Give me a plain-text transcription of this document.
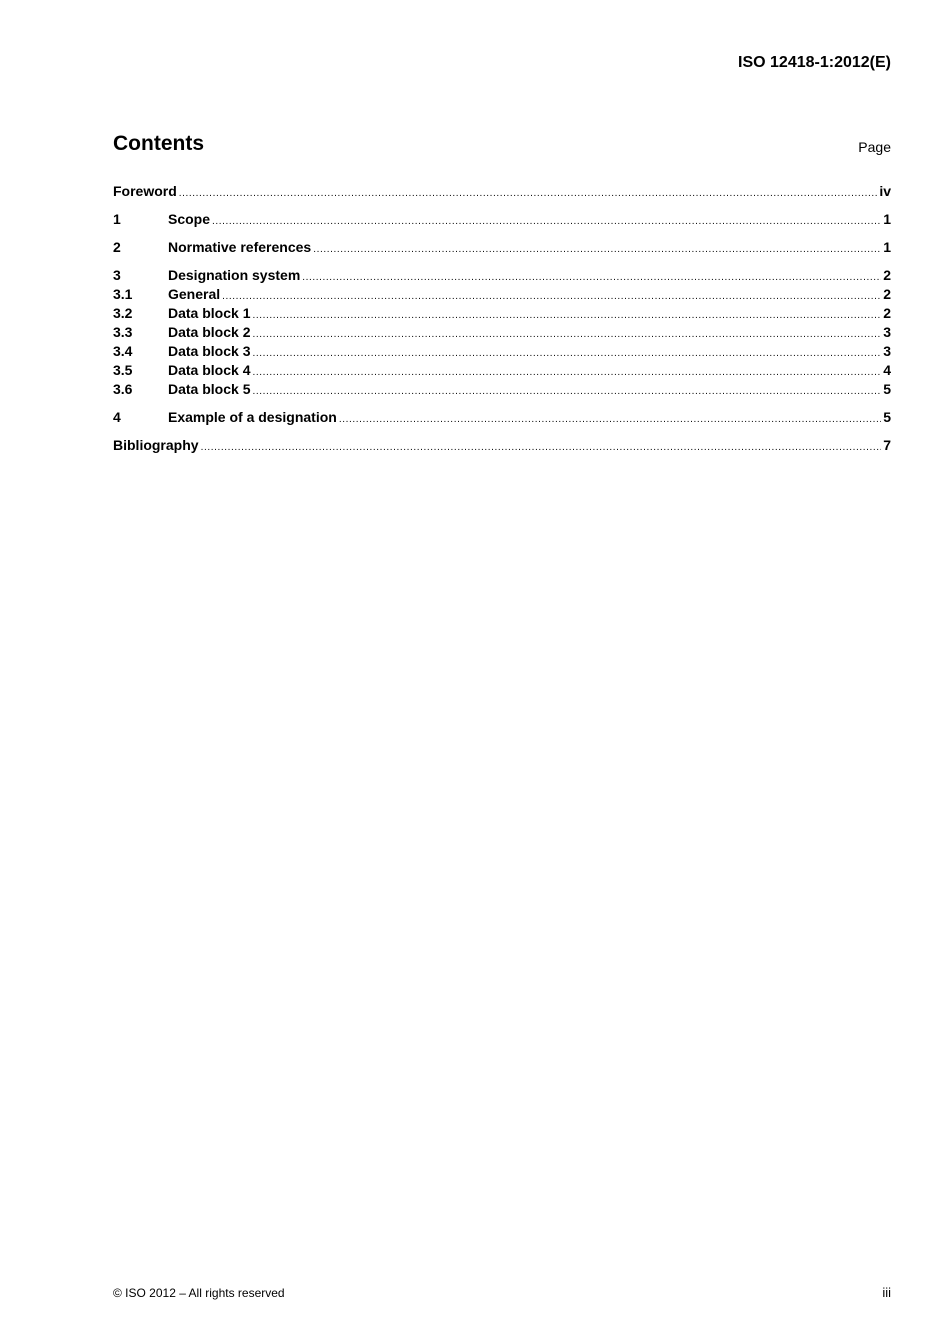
ISO 12418-1:2012(E)
Contents	Page
Foreword .....	iv
1	Scope .....	1
2	Normative references .....	1
3	Designation system .....	2
3.1	General .....	2
3.2	Data block 1 .....	2
3.3	Data block 2 .....	3
3.4	Data block 3 .....	3
3.5	Data block 4 .....	4
3.6	Data block 5 .....	5
4	Example of a designation .....	5
Bibliography .....	7
© ISO 2012 – All rights reserved	iii
